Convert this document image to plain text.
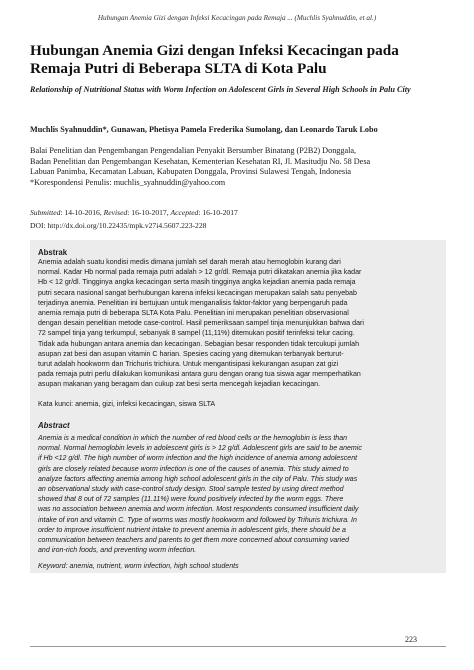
Hubungan Anemia Gizi dengan Infeksi Kecacingan pada Remaja ... (Muchlis Syahnuddin, et al.)
Hubungan Anemia Gizi dengan Infeksi Kecacingan pada Remaja Putri di Beberapa SLTA di Kota Palu

Relationship of Nutritional Status with Worm Infection on Adolescent Girls in Several High Schools in Palu City

Muchlis Syahnuddin*, Gunawan, Phetisya Pamela Frederika Sumolang, dan Leonardo Taruk Lobo
Balai Penelitian dan Pengembangan Pengendalian Penyakit Bersumber Binatang (P2B2) Donggala,
Badan Penelitian dan Pengembangan Kesehatan, Kementerian Kesehatan RI, Jl. Masitudju No. 58 Desa
Labuan Panimba, Kecamatan Labuan, Kabupaten Donggala, Provinsi Sulawesi Tengah, Indonesia
*Korespondensi Penulis: muchlis_syahnuddin@yahoo.com
Submitted: 14-10-2016, Revised: 16-10-2017, Accepted: 16-10-2017
DOI: http://dx.doi.org/10.22435/mpk.v27i4.5607.223-228
Abstrak
Anemia adalah suatu kondisi medis dimana jumlah sel darah merah atau hemoglobin kurang dari
normal. Kadar Hb normal pada remaja putri adalah > 12 gr/dl. Remaja putri dikatakan anemia jika kadar
Hb < 12 gr/dl. Tingginya angka kecacingan serta masih tingginya angka kejadian anemia pada remaja
putri secara nasional sangat berhubungan karena infeksi kecacingan merupakan salah satu penyebab
terjadinya anemia. Penelitian ini bertujuan untuk menganalisis faktor-faktor yang berpengaruh pada
anemia remaja putri di beberapa SLTA Kota Palu. Penelitian ini merupakan penelitian observasional
dengan desain penelitian metode case-control. Hasil pemeriksaan sampel tinja menunjukkan bahwa dari
72 sampel tinja yang terkumpul, sebanyak 8 sampel (11,11%) ditemukan positif terinfeksi telur cacing.
Tidak ada hubungan antara anemia dan kecacingan. Sebagian besar responden tidak tercukupi jumlah
asupan zat besi dan asupan vitamin C harian. Spesies cacing yang ditemukan terbanyak berturut-
turut adalah hookworm dan Trichuris trichiura. Untuk mengantisipasi kekurangan asupan zat gizi
pada remaja putri perlu dilakukan komunikasi antara guru dengan orang tua siswa agar memperhatikan
asupan makanan yang beragam dan cukup zat besi serta mencegah kejadian kecacingan.
Kata kunci: anemia, gizi, infeksi kecacingan, siswa SLTA
Abstract
Anemia is a medical condition in which the number of red blood cells or the hemoglobin is less than
normal. Normal hemoglobin levels in adolescent girls is > 12 g/dl. Adolescent girls are said to be anemic
if Hb <12 g/dl. The high number of worm infection and the high incidence of anemia among adolescent
girls are closely related because worm infection is one of the causes of anemia. This study aimed to
analyze factors affecting anemia among high school adolescent girls in the city of Palu. This study was
an observational study with case-control study design. Stool sample tested by using direct method
showed that 8 out of 72 samples (11.11%) were found positively infected by the worm eggs. There
was no association between anemia and worm infection. Most respondents consumed insufficient daily
intake of iron and vitamin C. Type of worms was mostly hookworm and followed by Trihuris trichiura. In
order to improve insufficient nutrient intake to prevent anemia in adolescent girls, there should be a
communication between teachers and parents to get them more concerned about consuming varied
and iron-rich foods, and preventing worm infection.
Keyword: anemia, nutrient, worm infection, high school students
223
